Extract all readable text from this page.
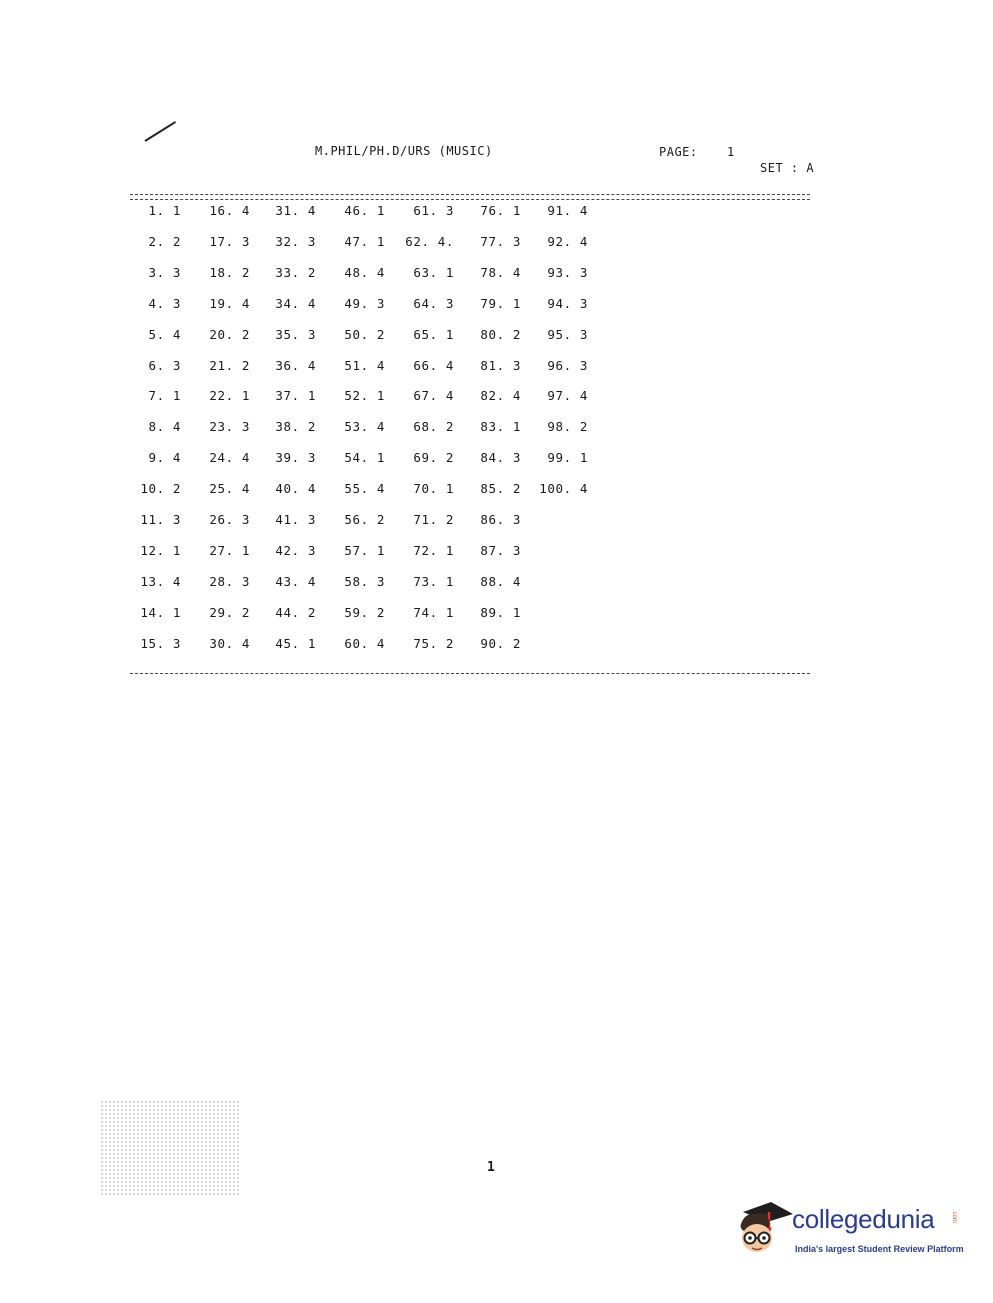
M.PHIL/PH.D/URS (MUSIC)	PAGE: 1
SET : A
1. 1
2. 2
3. 3
4. 3
5. 4
6. 3
7. 1
8. 4
9. 4
10. 2
11. 3
12. 1
13. 4
14. 1
15. 3
16. 4
17. 3
18. 2
19. 4
20. 2
21. 2
22. 1
23. 3
24. 4
25. 4
26. 3
27. 1
28. 3
29. 2
30. 4
31. 4
32. 3
33. 2
34. 4
35. 3
36. 4
37. 1
38. 2
39. 3
40. 4
41. 3
42. 3
43. 4
44. 2
45. 1
46. 1
47. 1
48. 4
49. 3
50. 2
51. 4
52. 1
53. 4
54. 1
55. 4
56. 2
57. 1
58. 3
59. 2
60. 4
61. 3
62. 4.
63. 1
64. 3
65. 1
66. 4
67. 4
68. 2
69. 2
70. 1
71. 2
72. 1
73. 1
74. 1
75. 2
76. 1
77. 3
78. 4
79. 1
80. 2
81. 3
82. 4
83. 1
84. 3
85. 2
86. 3
87. 3
88. 4
89. 1
90. 2
91. 4
92. 4
93. 3
94. 3
95. 3
96. 3
97. 4
98. 2
99. 1
100. 4
1
collegedunia	.com
India's largest Student Review Platform
